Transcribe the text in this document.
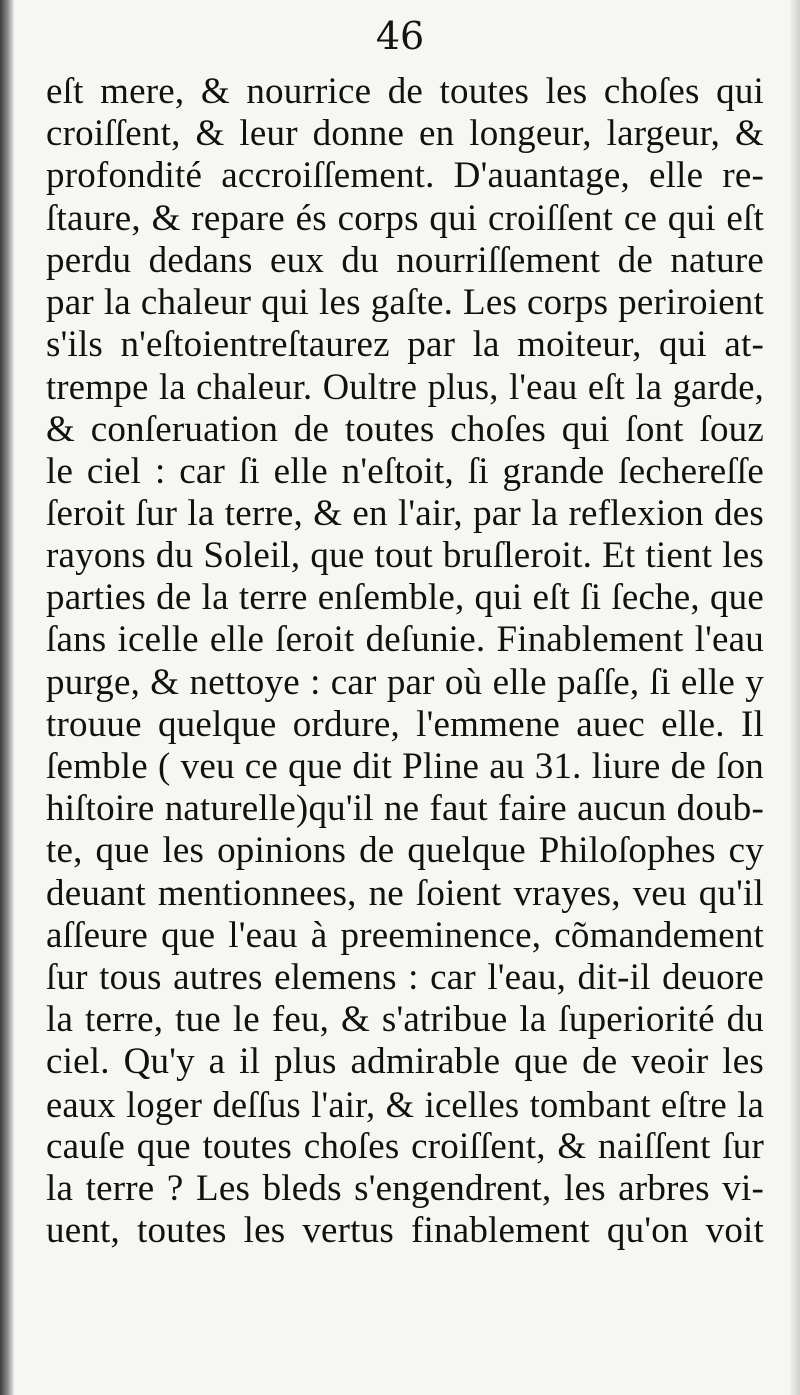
46
eſt mere, & nourrice de toutes les choſes qui
croiſſent, & leur donne en longeur, largeur, &
profondité accroiſſement. D'auantage, elle re-
ſtaure, & repare és corps qui croiſſent ce qui eſt
perdu dedans eux du nourriſſement de nature
par la chaleur qui les gaſte. Les corps periroient
s'ils n'eſtoientreſtaurez par la moiteur, qui at-
trempe la chaleur. Oultre plus, l'eau eſt la garde,
& conſeruation de toutes choſes qui ſont ſouz
le ciel : car ſi elle n'eſtoit, ſi grande ſechereſſe
ſeroit ſur la terre, & en l'air, par la reflexion des
rayons du Soleil, que tout bruſleroit. Et tient les
parties de la terre enſemble, qui eſt ſi ſeche, que
ſans icelle elle ſeroit deſunie. Finablement l'eau
purge, & nettoye : car par où elle paſſe, ſi elle y
trouue quelque ordure, l'emmene auec elle. Il
ſemble ( veu ce que dit Pline au 31. liure de ſon
hiſtoire naturelle)qu'il ne faut faire aucun doub-
te, que les opinions de quelque Philoſophes cy
deuant mentionnees, ne ſoient vrayes, veu qu'il
aſſeure que l'eau à preeminence, cõmandement
ſur tous autres elemens : car l'eau, dit-il deuore
la terre, tue le feu, & s'atribue la ſuperiorité du
ciel. Qu'y a il plus admirable que de veoir les
eaux loger deſſus l'air, & icelles tombant eſtre la
cauſe que toutes choſes croiſſent, & naiſſent ſur
la terre ? Les bleds s'engendrent, les arbres vi-
uent, toutes les vertus finablement qu'on voit
